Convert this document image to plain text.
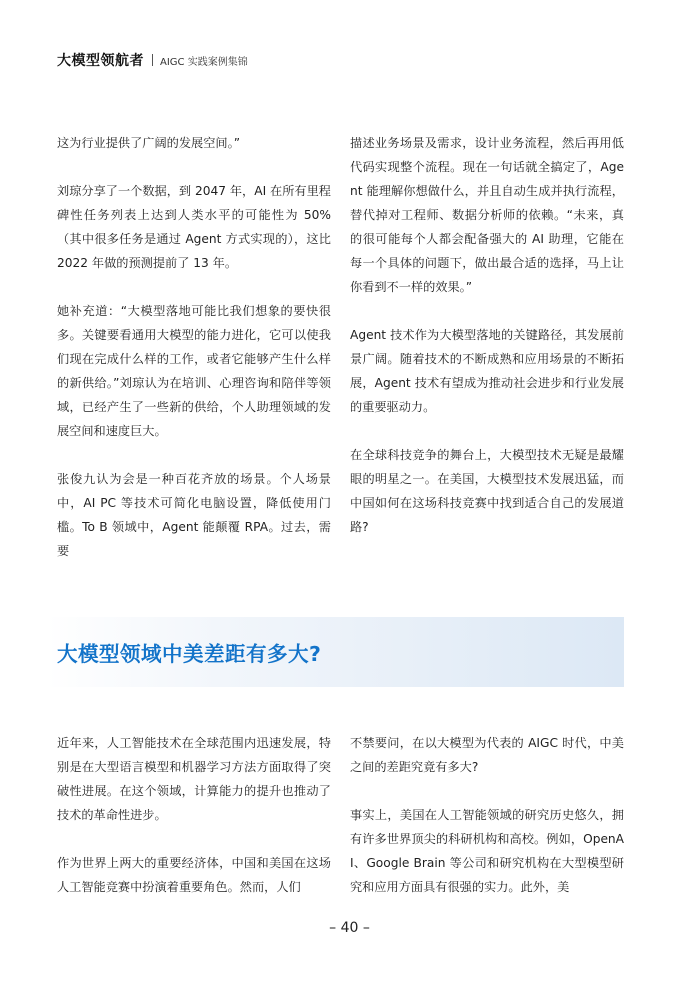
大模型领航者 AIGC 实践案例集锦

这为行业提供了广阔的发展空间。”

刘琼分享了一个数据，到 2047 年，AI 在所有里程碑性任务列表上达到人类水平的可能性为 50%（其中很多任务是通过 Agent 方式实现的），这比 2022 年做的预测提前了 13 年。

她补充道：“大模型落地可能比我们想象的要快很多。关键要看通用大模型的能力进化，它可以使我们现在完成什么样的工作，或者它能够产生什么样的新供给。”刘琼认为在培训、心理咨询和陪伴等领域，已经产生了一些新的供给，个人助理领域的发展空间和速度巨大。

张俊九认为会是一种百花齐放的场景。个人场景中，AI PC 等技术可简化电脑设置，降低使用门槛。To B 领域中，Agent 能颠覆 RPA。过去，需要

描述业务场景及需求，设计业务流程，然后再用低代码实现整个流程。现在一句话就全搞定了，Agent 能理解你想做什么，并且自动生成并执行流程，替代掉对工程师、数据分析师的依赖。“未来，真的很可能每个人都会配备强大的 AI 助理，它能在每一个具体的问题下，做出最合适的选择，马上让你看到不一样的效果。”

Agent 技术作为大模型落地的关键路径，其发展前景广阔。随着技术的不断成熟和应用场景的不断拓展，Agent 技术有望成为推动社会进步和行业发展的重要驱动力。

在全球科技竞争的舞台上，大模型技术无疑是最耀眼的明星之一。在美国，大模型技术发展迅猛，而中国如何在这场科技竞赛中找到适合自己的发展道路?

大模型领域中美差距有多大?

近年来，人工智能技术在全球范围内迅速发展，特别是在大型语言模型和机器学习方法方面取得了突破性进展。在这个领域，计算能力的提升也推动了技术的革命性进步。

作为世界上两大的重要经济体，中国和美国在这场人工智能竞赛中扮演着重要角色。然而，人们

不禁要问，在以大模型为代表的 AIGC 时代，中美之间的差距究竟有多大?

事实上，美国在人工智能领域的研究历史悠久，拥有许多世界顶尖的科研机构和高校。例如，OpenAI、Google Brain 等公司和研究机构在大型模型研究和应用方面具有很强的实力。此外，美

– 40 –
